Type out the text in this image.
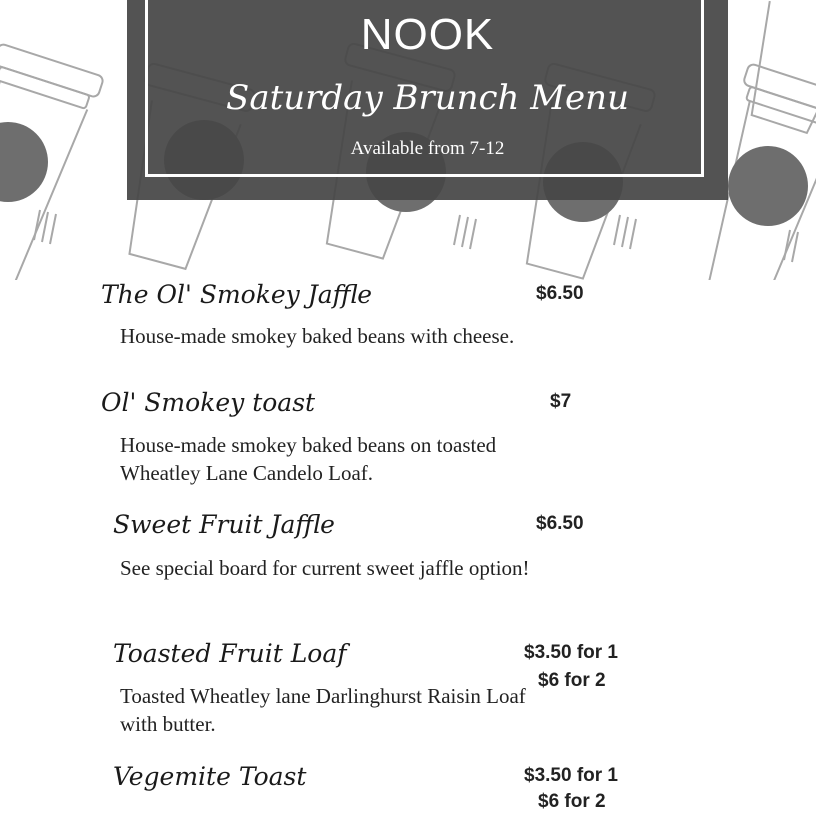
NOOK
Saturday Brunch Menu
Available from 7-12
The Ol' Smokey Jaffle	$6.50
House-made smokey baked beans with cheese.
Ol' Smokey toast	$7
House-made smokey baked beans on toasted Wheatley Lane Candelo Loaf.
Sweet Fruit Jaffle	$6.50
See special board for current sweet jaffle option!
Toasted Fruit Loaf	$3.50 for 1
$6 for 2
Toasted Wheatley lane Darlinghurst Raisin Loaf with butter.
Vegemite Toast	$3.50 for 1
$6 for 2
